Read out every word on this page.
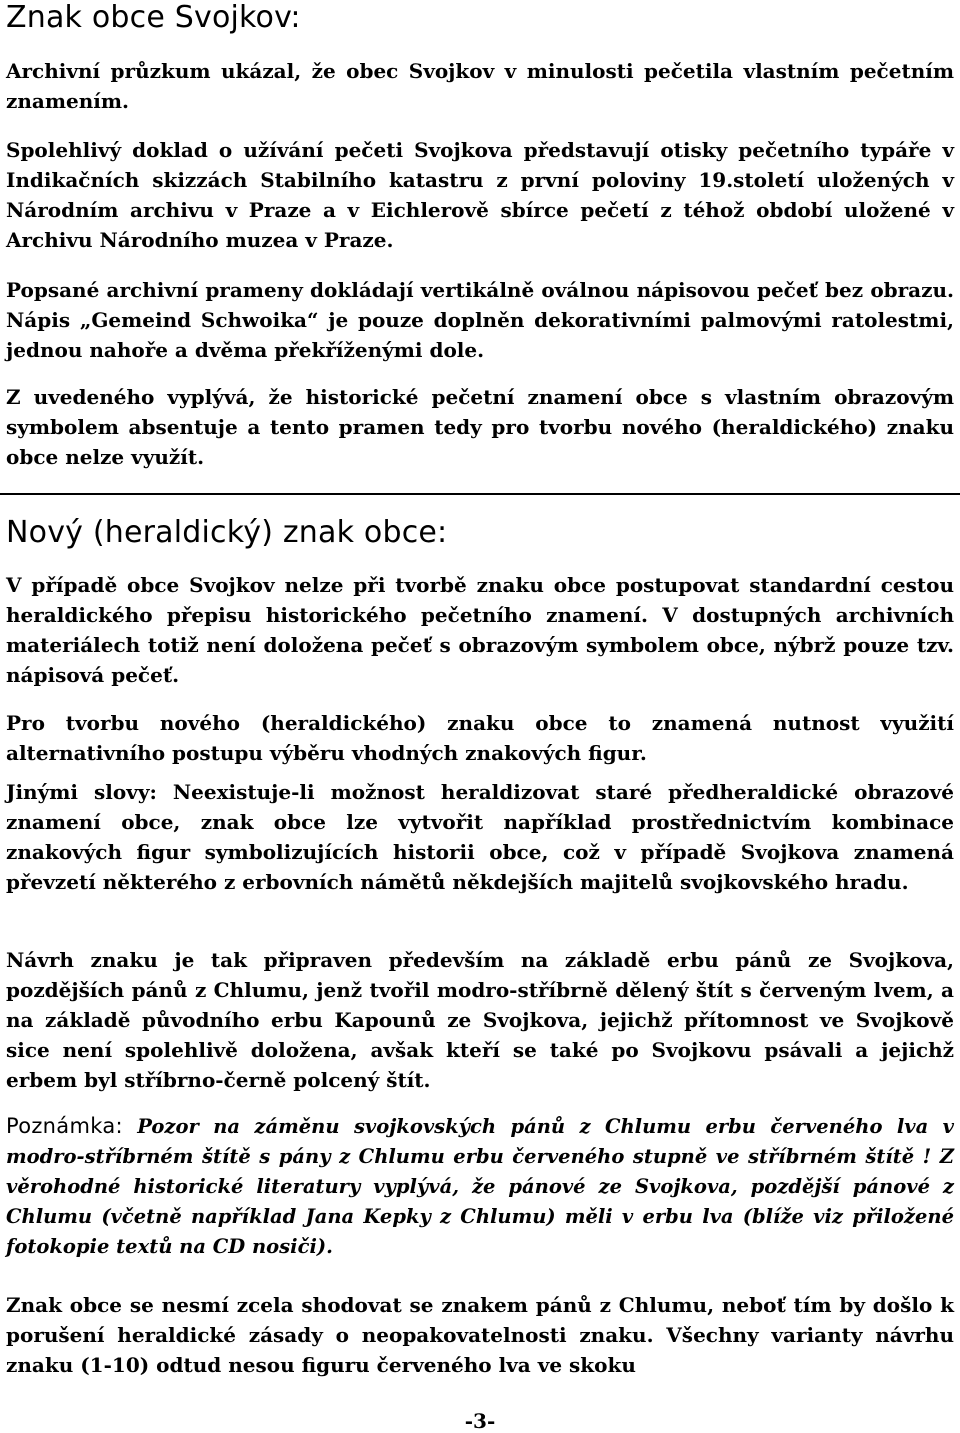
Znak obce Svojkov:
Archivní průzkum ukázal, že obec Svojkov v minulosti pečetila vlastním pečetním znamením.
Spolehlivý doklad o užívání pečeti Svojkova představují otisky pečetního typáře v Indikačních skizzách Stabilního katastru z první poloviny 19.století uložených v Národním archivu v Praze a v Eichlerově sbírce pečetí z téhož období uložené v Archivu Národního muzea v Praze.
Popsané archivní prameny dokládají vertikálně oválnou nápisovou pečeť bez obrazu. Nápis „Gemeind Schwoika“ je pouze doplněn dekorativními palmovými ratolestmi, jednou nahoře a dvěma překříženými dole.
Z uvedeného vyplývá, že historické pečetní znamení obce s vlastním obrazovým symbolem absentuje a tento pramen tedy pro tvorbu nového (heraldického) znaku obce nelze využít.
Nový (heraldický) znak obce:
V případě obce Svojkov nelze při tvorbě znaku obce postupovat standardní cestou heraldického přepisu historického pečetního znamení. V dostupných archivních materiálech totiž není doložena pečeť s obrazovým symbolem obce, nýbrž pouze tzv. nápisová pečeť.
Pro tvorbu nového (heraldického) znaku obce to znamená nutnost využití alternativního postupu výběru vhodných znakových figur.
Jinými slovy: Neexistuje-li možnost heraldizovat staré předheraldické obrazové znamení obce, znak obce lze vytvořit například prostřednictvím kombinace znakových figur symbolizujících historii obce, což v případě Svojkova znamená převzetí některého z erbovních námětů někdejších majitelů svojkovského hradu.
Návrh znaku je tak připraven především na základě erbu pánů ze Svojkova, pozdějších pánů z Chlumu, jenž tvořil modro-stříbrně dělený štít s červeným lvem, a na základě původního erbu Kapounů ze Svojkova, jejichž přítomnost ve Svojkově sice není spolehlivě doložena, avšak kteří se také po Svojkovu psávali a jejichž erbem byl stříbrno-černě polcený štít.
Poznámka: Pozor na záměnu svojkovských pánů z Chlumu erbu červeného lva v modro-stříbrném štítě s pány z Chlumu erbu červeného stupně ve stříbrném štítě ! Z věrohodné historické literatury vyplývá, že pánové ze Svojkova, pozdější pánové z Chlumu (včetně například Jana Kepky z Chlumu) měli v erbu lva (blíže viz přiložené fotokopie textů na CD nosiči).
Znak obce se nesmí zcela shodovat se znakem pánů z Chlumu, neboť tím by došlo k porušení heraldické zásady o neopakovatelnosti znaku. Všechny varianty návrhu znaku (1-10) odtud nesou figuru červeného lva ve skoku
-3-
